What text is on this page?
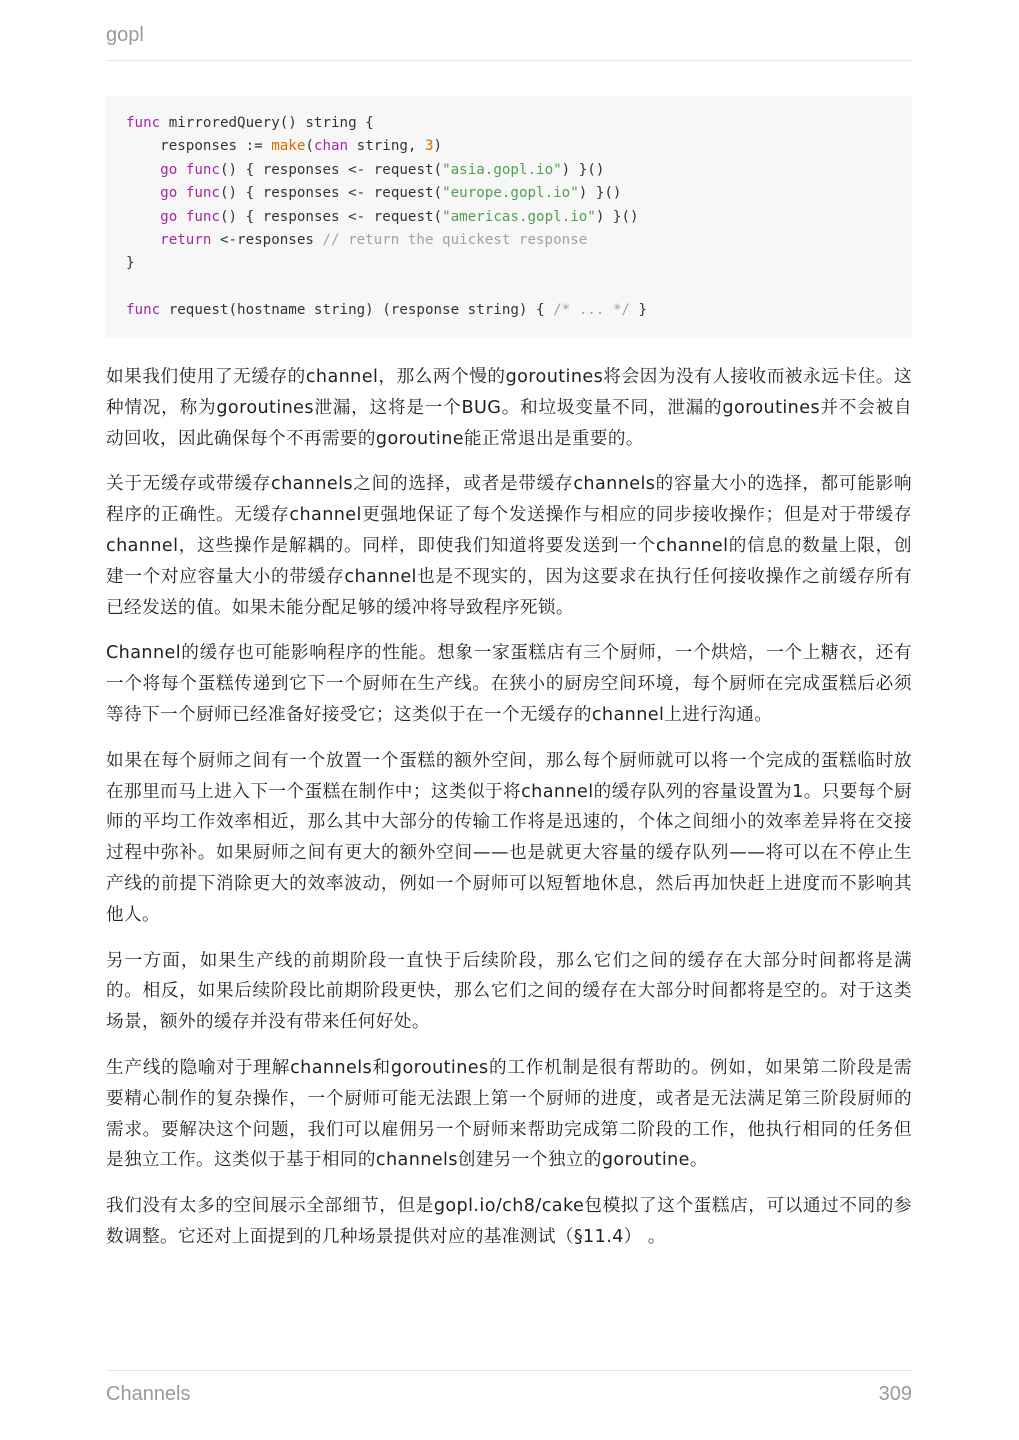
gopl
func mirroredQuery() string {
responses := make(chan string, 3)
go func() { responses <- request("asia.gopl.io") }()
go func() { responses <- request("europe.gopl.io") }()
go func() { responses <- request("americas.gopl.io") }()
return <-responses // return the quickest response
}
func request(hostname string) (response string) { /* ... */ }

如果我们使用了无缓存的channel，那么两个慢的goroutines将会因为没有人接收而被永远卡住。这种情况，称为goroutines泄漏，这将是一个BUG。和垃圾变量不同，泄漏的goroutines并不会被自动回收，因此确保每个不再需要的goroutine能正常退出是重要的。

关于无缓存或带缓存channels之间的选择，或者是带缓存channels的容量大小的选择，都可能影响程序的正确性。无缓存channel更强地保证了每个发送操作与相应的同步接收操作；但是对于带缓存channel，这些操作是解耦的。同样，即使我们知道将要发送到一个channel的信息的数量上限，创建一个对应容量大小的带缓存channel也是不现实的，因为这要求在执行任何接收操作之前缓存所有已经发送的值。如果未能分配足够的缓冲将导致程序死锁。

Channel的缓存也可能影响程序的性能。想象一家蛋糕店有三个厨师，一个烘焙，一个上糖衣，还有一个将每个蛋糕传递到它下一个厨师在生产线。在狭小的厨房空间环境，每个厨师在完成蛋糕后必须等待下一个厨师已经准备好接受它；这类似于在一个无缓存的channel上进行沟通。

如果在每个厨师之间有一个放置一个蛋糕的额外空间，那么每个厨师就可以将一个完成的蛋糕临时放在那里而马上进入下一个蛋糕在制作中；这类似于将channel的缓存队列的容量设置为1。只要每个厨师的平均工作效率相近，那么其中大部分的传输工作将是迅速的，个体之间细小的效率差异将在交接过程中弥补。如果厨师之间有更大的额外空间——也是就更大容量的缓存队列——将可以在不停止生产线的前提下消除更大的效率波动，例如一个厨师可以短暂地休息，然后再加快赶上进度而不影响其他人。

另一方面，如果生产线的前期阶段一直快于后续阶段，那么它们之间的缓存在大部分时间都将是满的。相反，如果后续阶段比前期阶段更快，那么它们之间的缓存在大部分时间都将是空的。对于这类场景，额外的缓存并没有带来任何好处。

生产线的隐喻对于理解channels和goroutines的工作机制是很有帮助的。例如，如果第二阶段是需要精心制作的复杂操作，一个厨师可能无法跟上第一个厨师的进度，或者是无法满足第三阶段厨师的需求。要解决这个问题，我们可以雇佣另一个厨师来帮助完成第二阶段的工作，他执行相同的任务但是独立工作。这类似于基于相同的channels创建另一个独立的goroutine。

我们没有太多的空间展示全部细节，但是gopl.io/ch8/cake包模拟了这个蛋糕店，可以通过不同的参数调整。它还对上面提到的几种场景提供对应的基准测试（§11.4） 。

Channels	309
